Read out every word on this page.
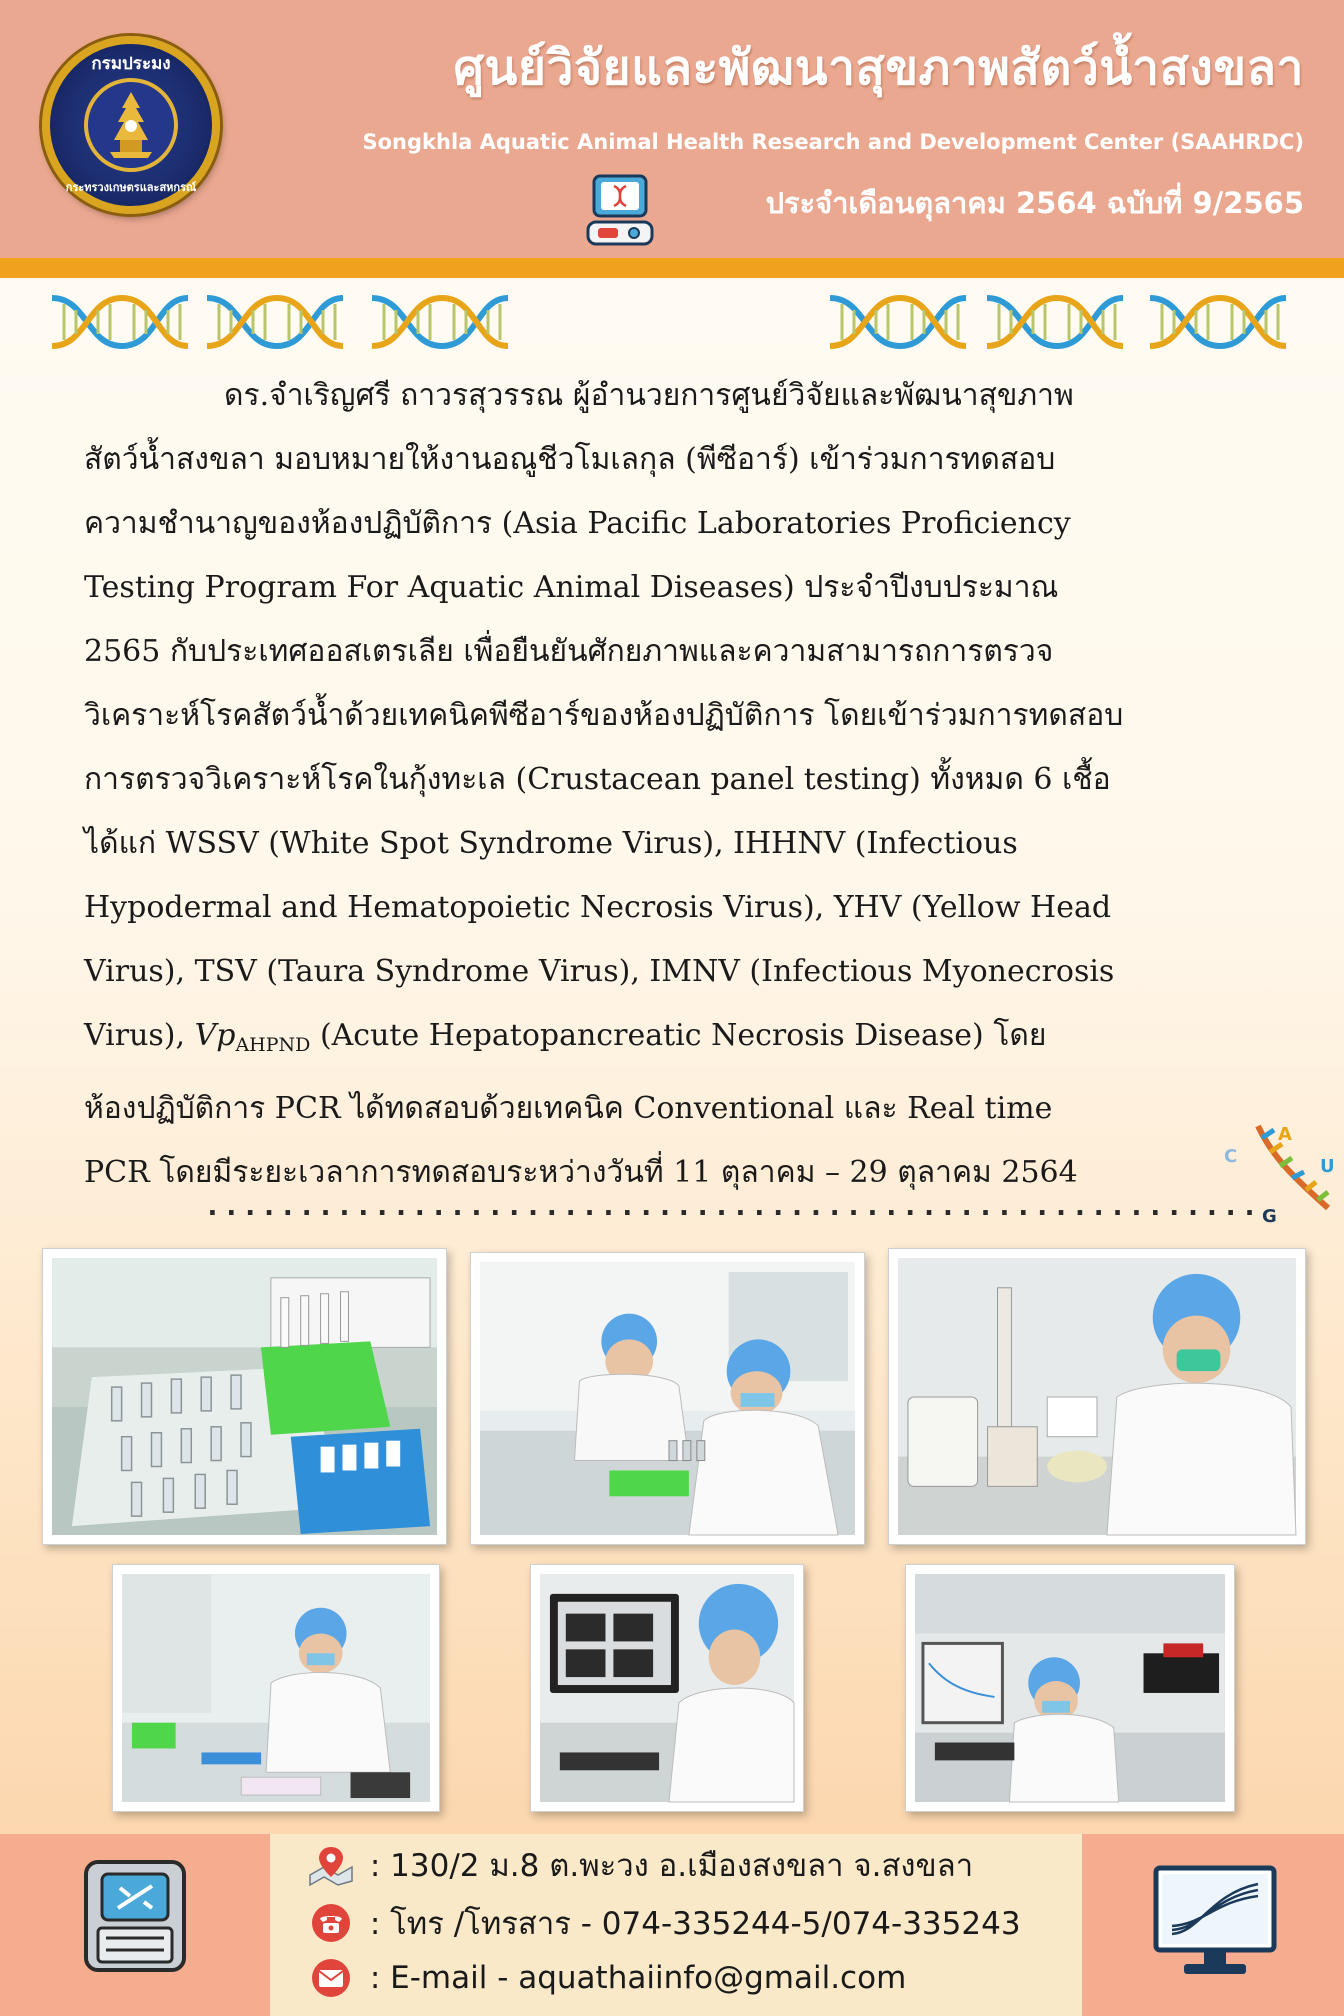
กรมประมง
กระทรวงเกษตรและสหกรณ์
ศูนย์วิจัยและพัฒนาสุขภาพสัตว์น้ำสงขลา
Songkhla Aquatic Animal Health Research and Development Center (SAAHRDC)
ประจำเดือนตุลาคม 2564 ฉบับที่ 9/2565
ดร.จำเริญศรี ถาวรสุวรรณ ผู้อำนวยการศูนย์วิจัยและพัฒนาสุขภาพ
สัตว์น้ำสงขลา มอบหมายให้งานอณูชีวโมเลกุล (พีซีอาร์) เข้าร่วมการทดสอบ
ความชำนาญของห้องปฏิบัติการ (Asia Pacific Laboratories Proficiency
Testing Program For Aquatic Animal Diseases) ประจำปีงบประมาณ
2565 กับประเทศออสเตรเลีย เพื่อยืนยันศักยภาพและความสามารถการตรวจ
วิเคราะห์โรคสัตว์น้ำด้วยเทคนิคพีซีอาร์ของห้องปฏิบัติการ โดยเข้าร่วมการทดสอบ
การตรวจวิเคราะห์โรคในกุ้งทะเล (Crustacean panel testing) ทั้งหมด 6 เชื้อ
ได้แก่ WSSV (White Spot Syndrome Virus), IHHNV (Infectious
Hypodermal and Hematopoietic Necrosis Virus), YHV (Yellow Head
Virus), TSV (Taura Syndrome Virus), IMNV (Infectious Myonecrosis
Virus), $Vp_{AHPND}$ (Acute Hepatopancreatic Necrosis Disease) โดย
ห้องปฏิบัติการ PCR ได้ทดสอบด้วยเทคนิค Conventional และ Real time
PCR โดยมีระยะเวลาการทดสอบระหว่างวันที่ 11 ตุลาคม – 29 ตุลาคม 2564
A
C	U
G
........................................................
: 130/2 ม.8 ต.พะวง อ.เมืองสงขลา จ.สงขลา
: โทร /โทรสาร - 074-335244-5/074-335243
: E-mail - aquathaiinfo@gmail.com
